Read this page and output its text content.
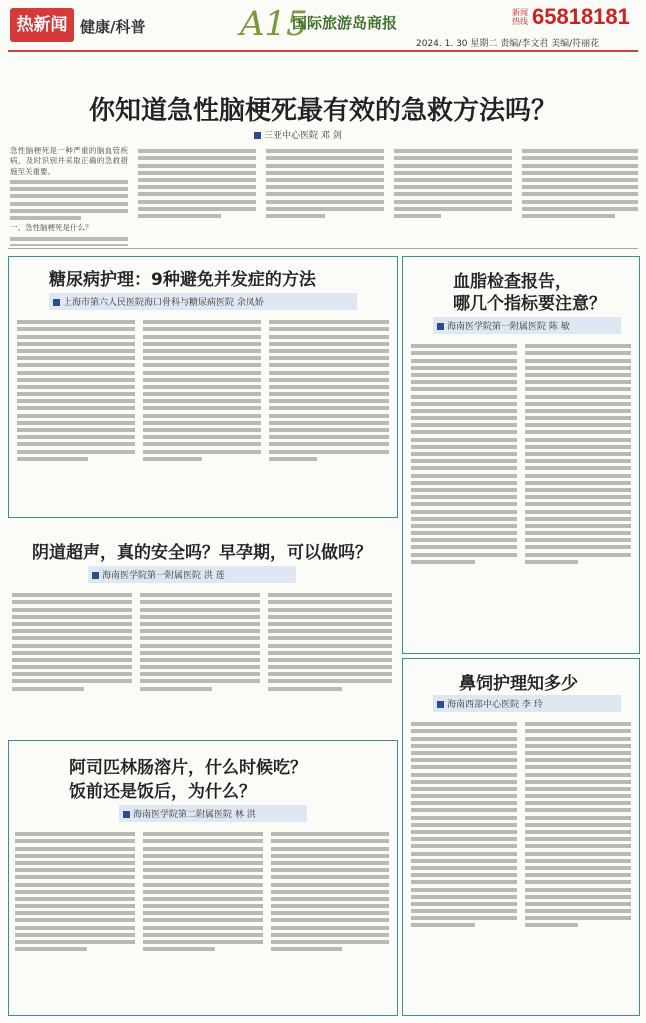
热新闻 健康/科普	A15
国际旅游岛商报
新闻热线 65818181
2024. 1. 30 星期二 责编/李文君 美编/符丽花
你知道急性脑梗死最有效的急救方法吗？
三亚中心医院 邓 剑
急性脑梗死是一种严重的脑血管疾病，及时识别并采取正确的急救措施至关重要。
一、急性脑梗死是什么？
糖尿病护理：9种避免并发症的方法
上海市第六人民医院海口骨科与糖尿病医院 余凤娇
血脂检查报告，
哪几个指标要注意？
海南医学院第一附属医院 陈 敏
阴道超声，真的安全吗？早孕期，可以做吗？
海南医学院第一附属医院 洪 莲
鼻饲护理知多少
海南西部中心医院 李 玲
阿司匹林肠溶片，什么时候吃？
饭前还是饭后，为什么？
海南医学院第二附属医院 林 洪
